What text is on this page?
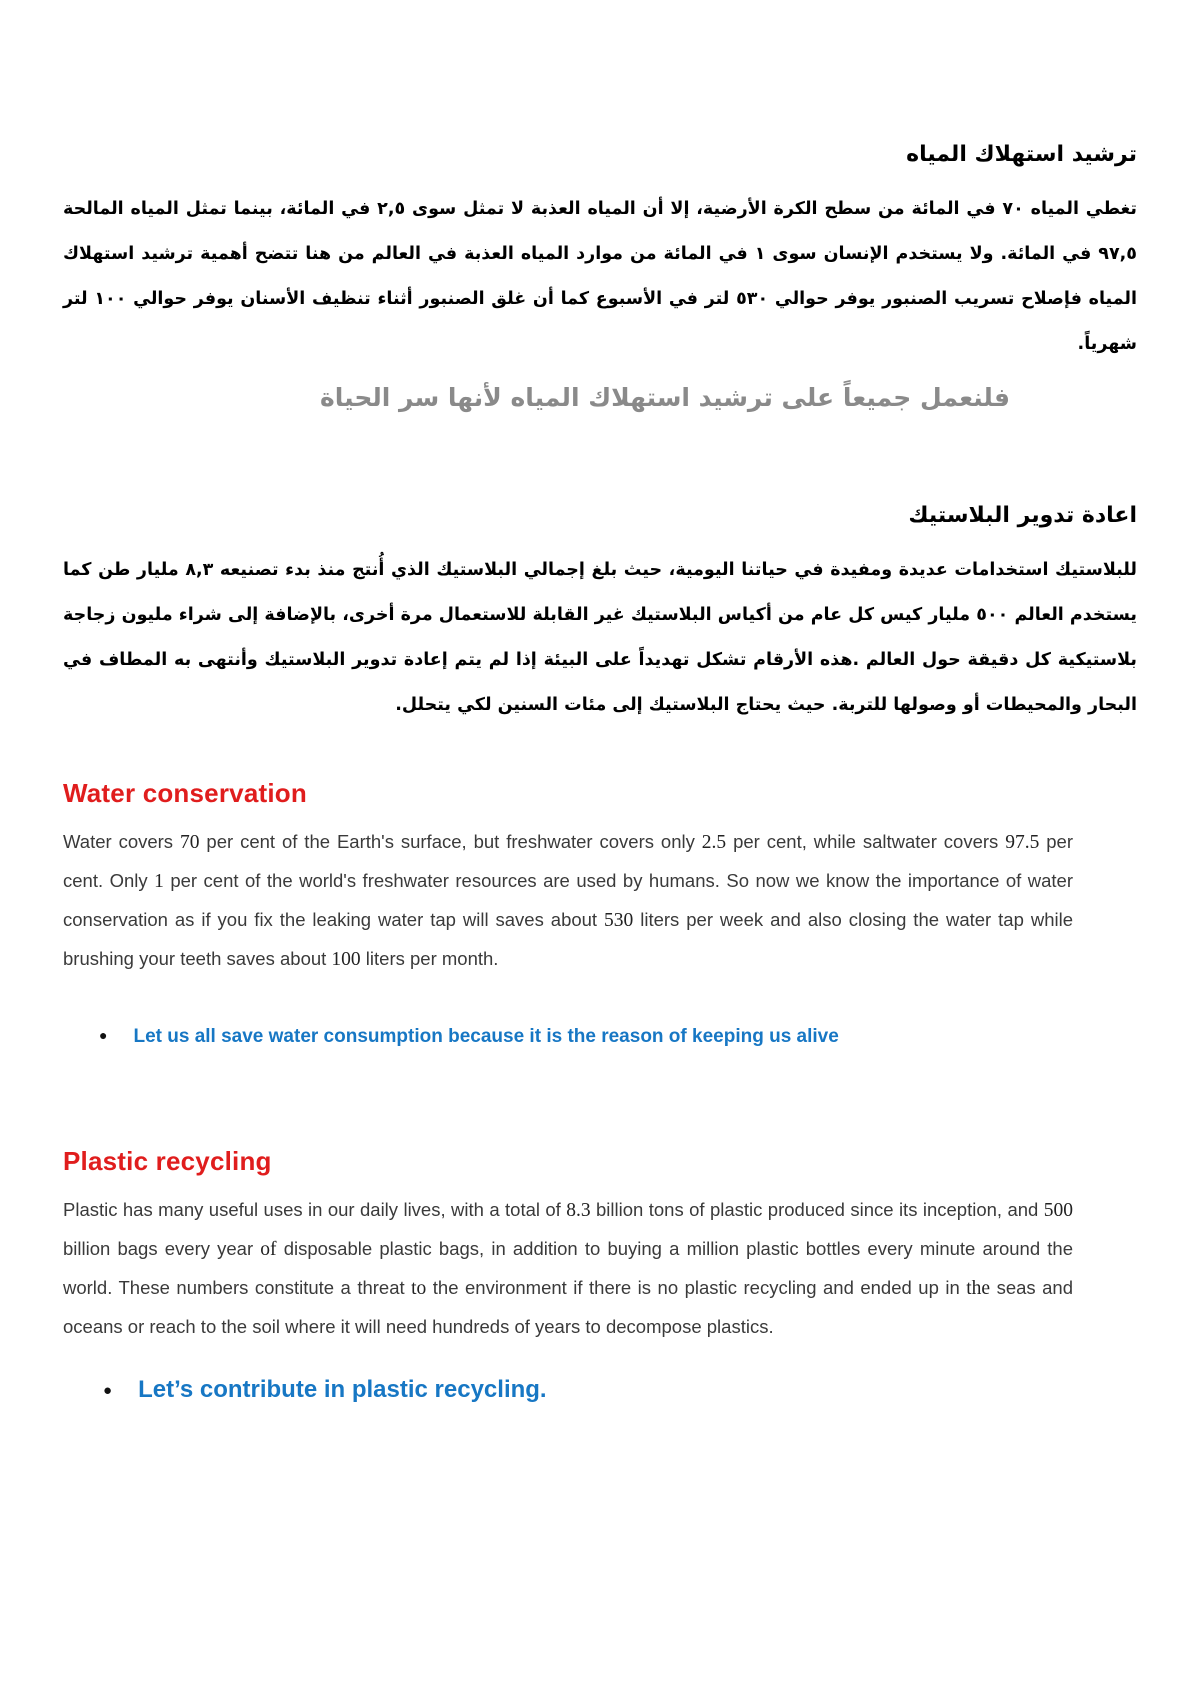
ترشيد استهلاك المياه

تغطي المياه ٧٠ في المائة من سطح الكرة الأرضية، إلا أن المياه العذبة لا تمثل سوى ٢,٥ في المائة، بينما تمثل المياه المالحة ٩٧,٥ في المائة. ولا يستخدم الإنسان سوى ١ في المائة من موارد المياه العذبة في العالم من هنا تتضح أهمية ترشيد استهلاك المياه فإصلاح تسريب الصنبور يوفر حوالي ٥٣٠ لتر في الأسبوع كما أن غلق الصنبور أثناء تنظيف الأسنان يوفر حوالي ١٠٠ لتر شهرياً.

فلنعمل جميعاً على ترشيد استهلاك المياه لأنها سر الحياة

اعادة تدوير البلاستيك

للبلاستيك استخدامات عديدة ومفيدة في حياتنا اليومية، حيث بلغ إجمالي البلاستيك الذي أُنتج منذ بدء تصنيعه ٨,٣ مليار طن كما يستخدم العالم ٥٠٠ مليار كيس كل عام من أكياس البلاستيك غير القابلة للاستعمال مرة أخرى، بالإضافة إلى شراء مليون زجاجة بلاستيكية كل دقيقة حول العالم .هذه الأرقام تشكل تهديداً على البيئة إذا لم يتم إعادة تدوير البلاستيك وأنتهى به المطاف في البحار والمحيطات أو وصولها للتربة. حيث يحتاج البلاستيك إلى مئات السنين لكي يتحلل.

Water conservation

Water covers 70 per cent of the Earth's surface, but freshwater covers only 2.5 per cent, while saltwater covers 97.5 per cent. Only 1 per cent of the world's freshwater resources are used by humans. So now we know the importance of water conservation as if you fix the leaking water tap will saves about 530 liters per week and also closing the water tap while brushing your teeth saves about 100 liters per month.

● Let us all save water consumption because it is the reason of keeping us alive
Plastic recycling

Plastic has many useful uses in our daily lives, with a total of 8.3 billion tons of plastic produced since its inception, and 500 billion bags every year of disposable plastic bags, in addition to buying a million plastic bottles every minute around the world. These numbers constitute a threat to the environment if there is no plastic recycling and ended up in the seas and oceans or reach to the soil where it will need hundreds of years to decompose plastics.

● Let’s contribute in plastic recycling.
